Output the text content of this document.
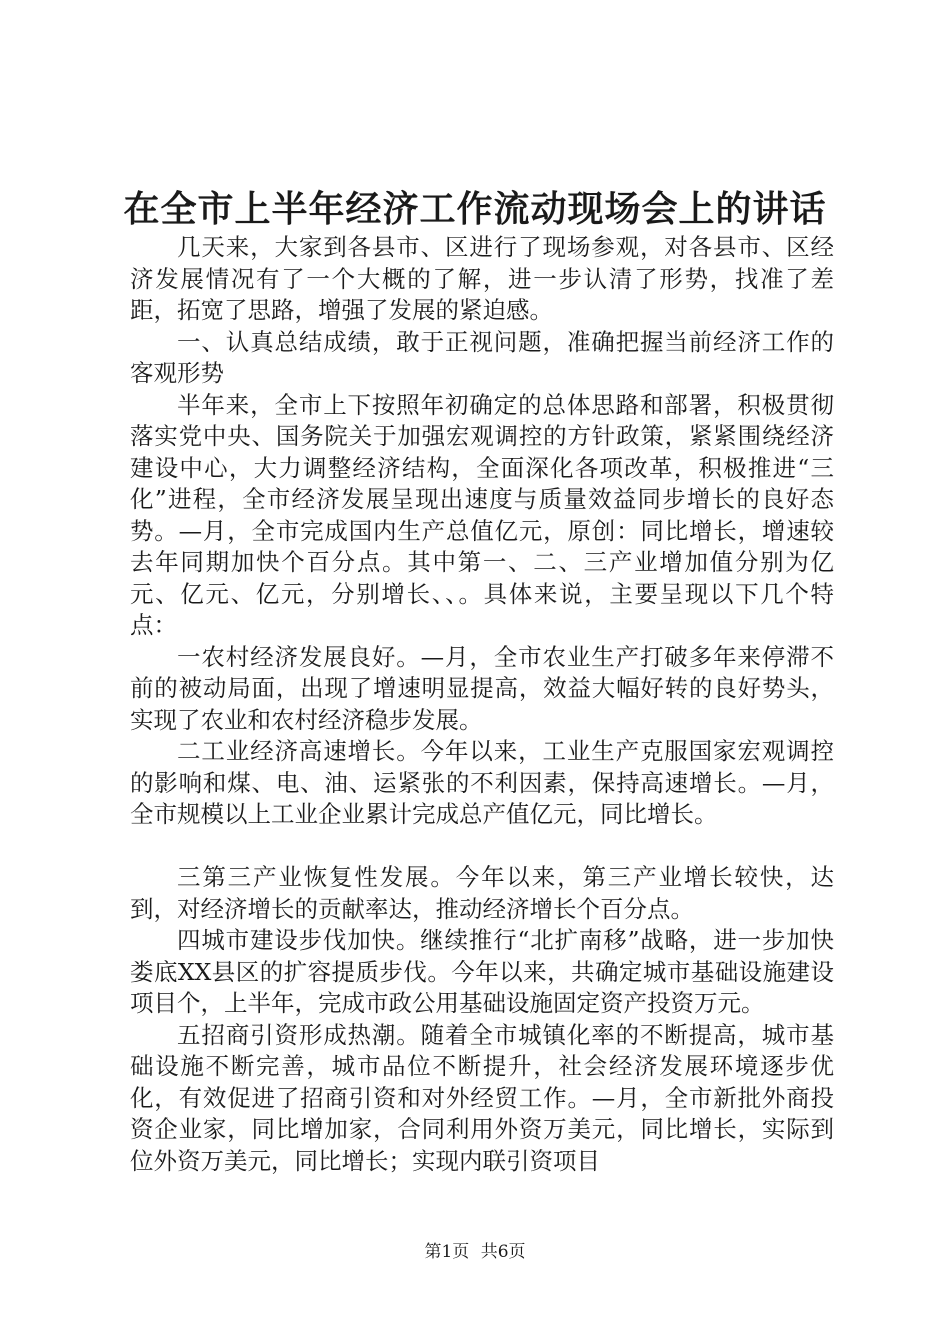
在全市上半年经济工作流动现场会上的讲话

几天来，大家到各县市、区进行了现场参观，对各县市、区经济发展情况有了一个大概的了解，进一步认清了形势，找准了差距，拓宽了思路，增强了发展的紧迫感。

一、认真总结成绩，敢于正视问题，准确把握当前经济工作的客观形势

半年来，全市上下按照年初确定的总体思路和部署，积极贯彻落实党中央、国务院关于加强宏观调控的方针政策，紧紧围绕经济建设中心，大力调整经济结构，全面深化各项改革，积极推进“三化”进程，全市经济发展呈现出速度与质量效益同步增长的良好态势。—月，全市完成国内生产总值亿元，原创：同比增长，增速较去年同期加快个百分点。其中第一、二、三产业增加值分别为亿元、亿元、亿元，分别增长、、。具体来说，主要呈现以下几个特点：

一农村经济发展良好。—月，全市农业生产打破多年来停滞不前的被动局面，出现了增速明显提高，效益大幅好转的良好势头，实现了农业和农村经济稳步发展。

二工业经济高速增长。今年以来，工业生产克服国家宏观调控的影响和煤、电、油、运紧张的不利因素，保持高速增长。—月，全市规模以上工业企业累计完成总产值亿元，同比增长。

三第三产业恢复性发展。今年以来，第三产业增长较快，达到，对经济增长的贡献率达，推动经济增长个百分点。

四城市建设步伐加快。继续推行“北扩南移”战略，进一步加快娄底XX县区的扩容提质步伐。今年以来，共确定城市基础设施建设项目个，上半年，完成市政公用基础设施固定资产投资万元。

五招商引资形成热潮。随着全市城镇化率的不断提高，城市基础设施不断完善，城市品位不断提升，社会经济发展环境逐步优化，有效促进了招商引资和对外经贸工作。—月，全市新批外商投资企业家，同比增加家，合同利用外资万美元，同比增长，实际到位外资万美元，同比增长；实现内联引资项目

第1页 共6页
